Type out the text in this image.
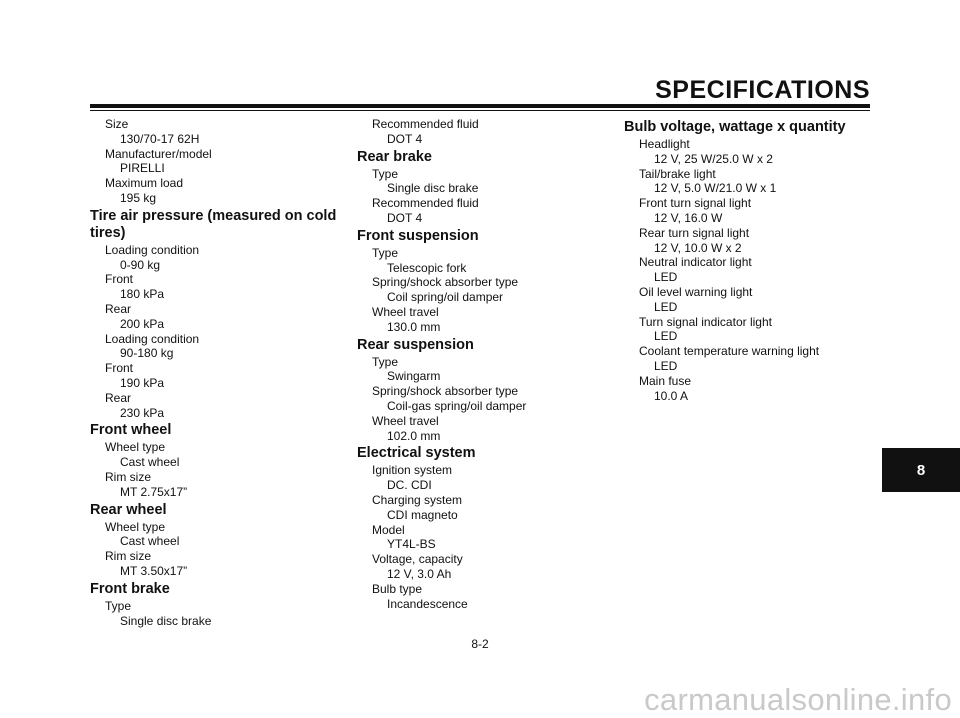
SPECIFICATIONS
Size
130/70-17 62H
Manufacturer/model
PIRELLI
Maximum load
195 kg
Tire air pressure (measured on cold tires)
Loading condition
0-90 kg
Front
180 kPa
Rear
200 kPa
Loading condition
90-180 kg
Front
190 kPa
Rear
230 kPa
Front wheel
Wheel type
Cast wheel
Rim size
MT 2.75x17”
Rear wheel
Wheel type
Cast wheel
Rim size
MT 3.50x17”
Front brake
Type
Single disc brake
Recommended fluid
DOT 4
Rear brake
Type
Single disc brake
Recommended fluid
DOT 4
Front suspension
Type
Telescopic fork
Spring/shock absorber type
Coil spring/oil damper
Wheel travel
130.0 mm
Rear suspension
Type
Swingarm
Spring/shock absorber type
Coil-gas spring/oil damper
Wheel travel
102.0 mm
Electrical system
Ignition system
DC. CDI
Charging system
CDI magneto
Model
YT4L-BS
Voltage, capacity
12 V, 3.0 Ah
Bulb type
Incandescence
Bulb voltage, wattage x quantity
Headlight
12 V, 25 W/25.0 W x 2
Tail/brake light
12 V, 5.0 W/21.0 W x 1
Front turn signal light
12 V, 16.0 W
Rear turn signal light
12 V, 10.0 W x 2
Neutral indicator light
LED
Oil level warning light
LED
Turn signal indicator light
LED
Coolant temperature warning light
LED
Main fuse
10.0 A
8-2
8
carmanualsonline.info
